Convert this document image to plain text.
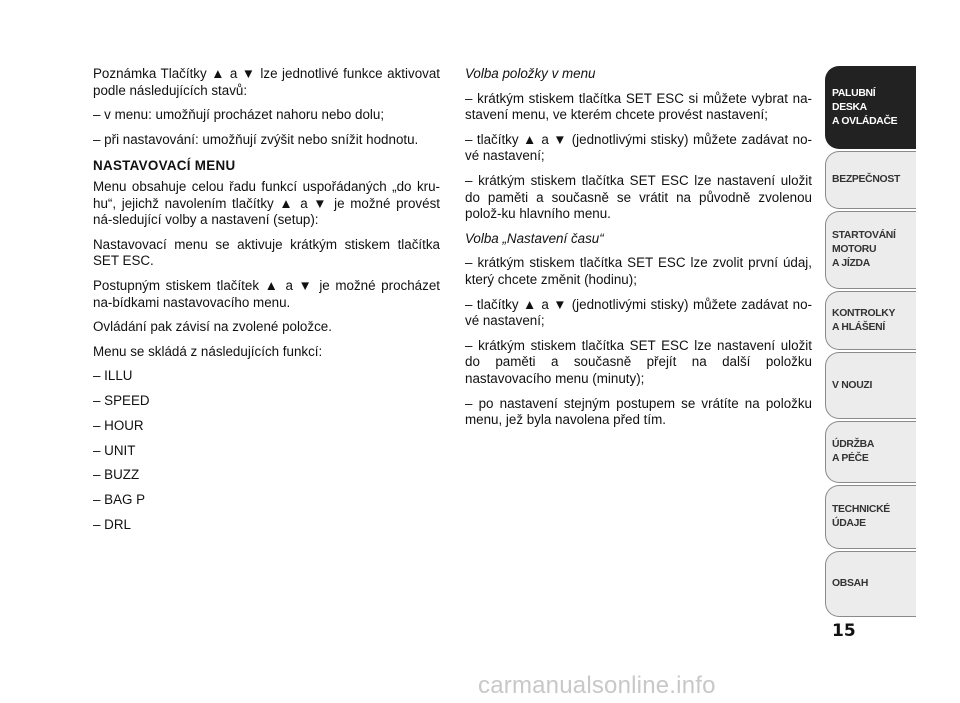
Poznámka Tlačítky ▲ a ▼ lze jednotlivé funkce aktivovat podle následujících stavů:

– v menu: umožňují procházet nahoru nebo dolu;

– při nastavování: umožňují zvýšit nebo snížit hodnotu.

NASTAVOVACÍ MENU

Menu obsahuje celou řadu funkcí uspořádaných „do kru-hu“, jejichž navolením tlačítky ▲ a ▼ je možné provést ná-sledující volby a nastavení (setup):

Nastavovací menu se aktivuje krátkým stiskem tlačítka SET ESC.

Postupným stiskem tlačítek ▲ a ▼ je možné procházet na-bídkami nastavovacího menu.

Ovládání pak závisí na zvolené položce.

Menu se skládá z následujících funkcí:

– ILLU

– SPEED

– HOUR

– UNIT

– BUZZ

– BAG P

– DRL

Volba položky v menu

– krátkým stiskem tlačítka SET ESC si můžete vybrat na-stavení menu, ve kterém chcete provést nastavení;

– tlačítky ▲ a ▼ (jednotlivými stisky) můžete zadávat no-vé nastavení;

– krátkým stiskem tlačítka SET ESC lze nastavení uložit do paměti a současně se vrátit na původně zvolenou polož-ku hlavního menu.

Volba „Nastavení času“

– krátkým stiskem tlačítka SET ESC lze zvolit první údaj, který chcete změnit (hodinu);

– tlačítky ▲ a ▼ (jednotlivými stisky) můžete zadávat no-vé nastavení;

– krátkým stiskem tlačítka SET ESC lze nastavení uložit do paměti a současně přejít na další položku nastavovacího menu (minuty);

– po nastavení stejným postupem se vrátíte na položku menu, jež byla navolena před tím.

PALUBNÍ DESKA
A OVLÁDAČE
BEZPEČNOST
STARTOVÁNÍ
MOTORU
A JÍZDA
KONTROLKY
A HLÁŠENÍ
V NOUZI
ÚDRŽBA
A PÉČE
TECHNICKÉ
ÚDAJE
OBSAH
15
carmanualsonline.info
